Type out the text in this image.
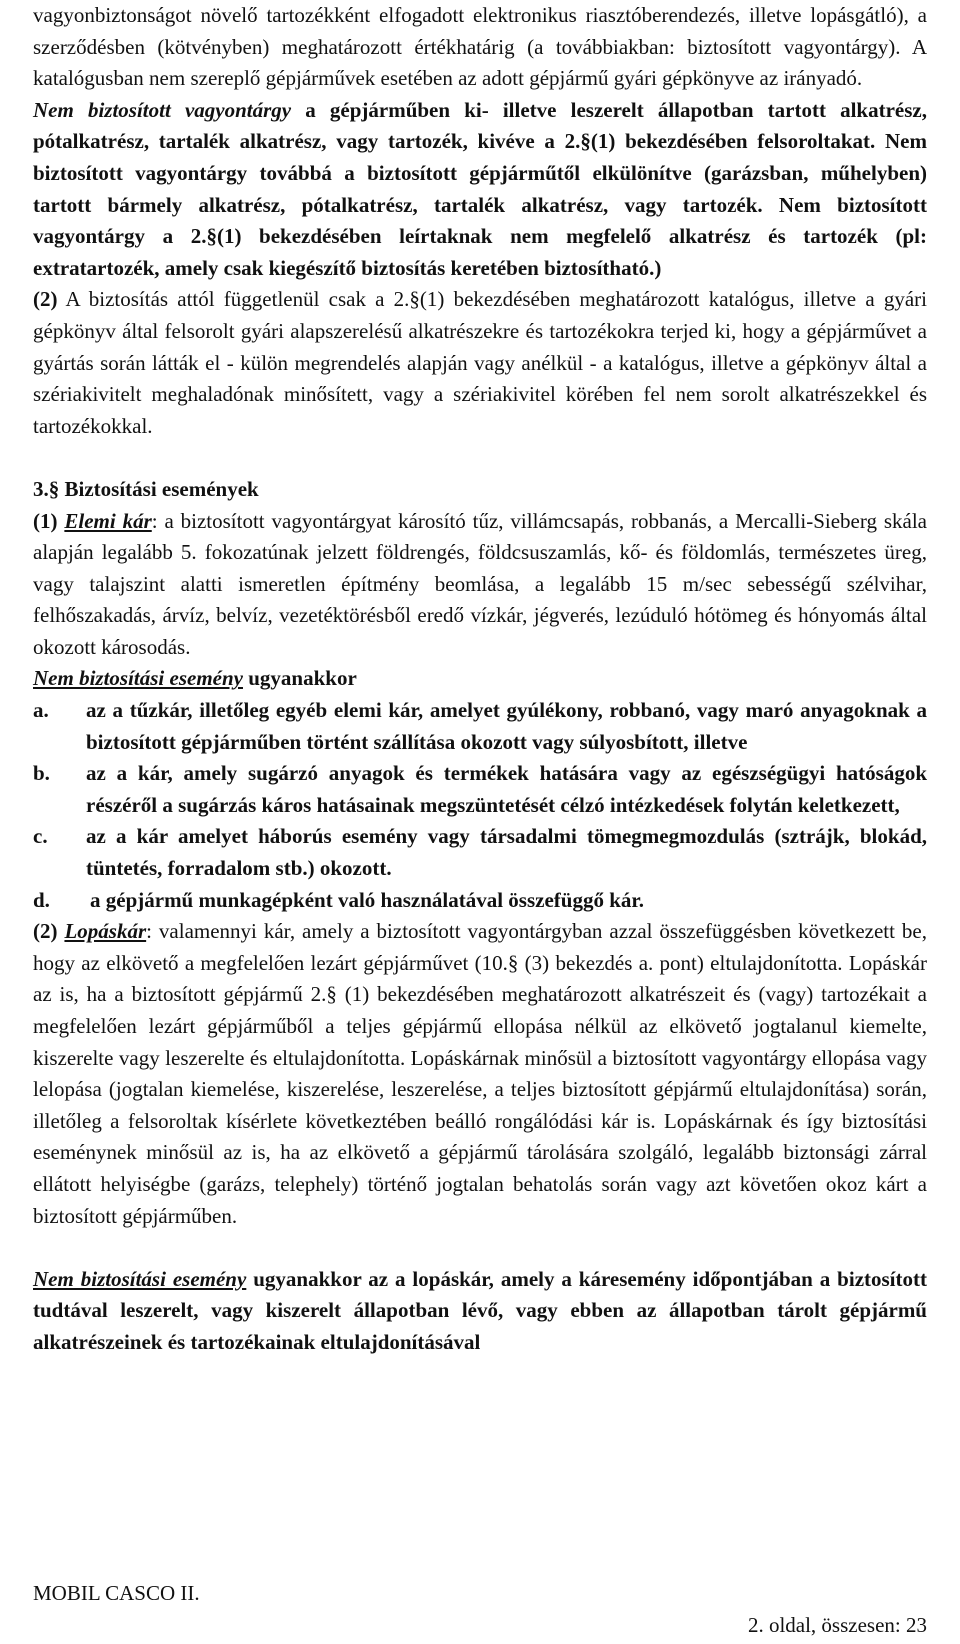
vagyonbiztonságot növelő tartozékként elfogadott elektronikus riasztóberendezés, illetve lopásgátló), a szerződésben (kötvényben) meghatározott értékhatárig (a továbbiakban: biztosított vagyontárgy). A katalógusban nem szereplő gépjárművek esetében az adott gépjármű gyári gépkönyve az irányadó.

Nem biztosított vagyontárgy a gépjárműben ki- illetve leszerelt állapotban tartott alkatrész, pótalkatrész, tartalék alkatrész, vagy tartozék, kivéve a 2.§(1) bekezdésében felsoroltakat. Nem biztosított vagyontárgy továbbá a biztosított gépjárműtől elkülönítve (garázsban, műhelyben) tartott bármely alkatrész, pótalkatrész, tartalék alkatrész, vagy tartozék. Nem biztosított vagyontárgy a 2.§(1) bekezdésében leírtaknak nem megfelelő alkatrész és tartozék (pl: extratartozék, amely csak kiegészítő biztosítás keretében biztosítható.)

(2) A biztosítás attól függetlenül csak a 2.§(1) bekezdésében meghatározott katalógus, illetve a gyári gépkönyv által felsorolt gyári alapszerelésű alkatrészekre és tartozékokra terjed ki, hogy a gépjárművet a gyártás során látták el - külön megrendelés alapján vagy anélkül - a katalógus, illetve a gépkönyv által a szériakivitelt meghaladónak minősített, vagy a szériakivitel körében fel nem sorolt alkatrészekkel és tartozékokkal.

3.§ Biztosítási események

(1) Elemi kár: a biztosított vagyontárgyat károsító tűz, villámcsapás, robbanás, a Mercalli-Sieberg skála alapján legalább 5. fokozatúnak jelzett földrengés, földcsuszamlás, kő- és földomlás, természetes üreg, vagy talajszint alatti ismeretlen építmény beomlása, a legalább 15 m/sec sebességű szélvihar, felhőszakadás, árvíz, belvíz, vezetéktörésből eredő vízkár, jégverés, lezúduló hótömeg és hónyomás által okozott károsodás.

Nem biztosítási esemény ugyanakkor

a. az a tűzkár, illetőleg egyéb elemi kár, amelyet gyúlékony, robbanó, vagy maró anyagoknak a biztosított gépjárműben történt szállítása okozott vagy súlyosbított, illetve
b. az a kár, amely sugárzó anyagok és termékek hatására vagy az egészségügyi hatóságok részéről a sugárzás káros hatásainak megszüntetését célzó intézkedések folytán keletkezett,
c. az a kár amelyet háborús esemény vagy társadalmi tömegmegmozdulás (sztrájk, blokád, tüntetés, forradalom stb.) okozott.
d. a gépjármű munkagépként való használatával összefüggő kár.

(2) Lopáskár: valamennyi kár, amely a biztosított vagyontárgyban azzal összefüggésben következett be, hogy az elkövető a megfelelően lezárt gépjárművet (10.§ (3) bekezdés a. pont) eltulajdonította. Lopáskár az is, ha a biztosított gépjármű 2.§ (1) bekezdésében meghatározott alkatrészeit és (vagy) tartozékait a megfelelően lezárt gépjárműből a teljes gépjármű ellopása nélkül az elkövető jogtalanul kiemelte, kiszerelte vagy leszerelte és eltulajdonította. Lopáskárnak minősül a biztosított vagyontárgy ellopása vagy lelopása (jogtalan kiemelése, kiszerelése, leszerelése, a teljes biztosított gépjármű eltulajdonítása) során, illetőleg a felsoroltak kísérlete következtében beálló rongálódási kár is. Lopáskárnak és így biztosítási eseménynek minősül az is, ha az elkövető a gépjármű tárolására szolgáló, legalább biztonsági zárral ellátott helyiségbe (garázs, telephely) történő jogtalan behatolás során vagy azt követően okoz kárt a biztosított gépjárműben.

Nem biztosítási esemény ugyanakkor az a lopáskár, amely a káresemény időpontjában a biztosított tudtával leszerelt, vagy kiszerelt állapotban lévő, vagy ebben az állapotban tárolt gépjármű alkatrészeinek és tartozékainak eltulajdonításával

MOBIL CASCO II.
2. oldal, összesen: 23
